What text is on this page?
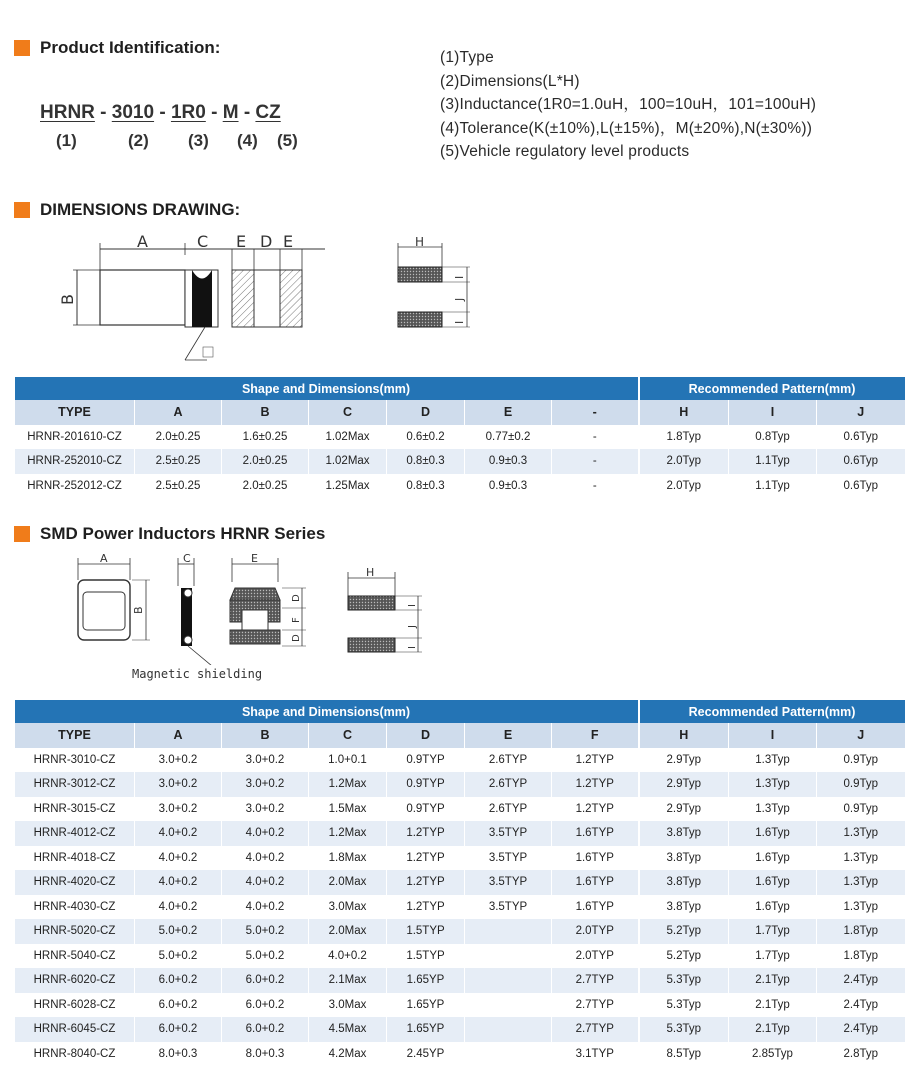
Product Identification:
HRNR - 3010 - 1R0 - M - CZ
(1)	(2) (3) (4) (5)
(1)Type
(2)Dimensions(L*H)
(3)Inductance(1R0=1.0uH，100=10uH，101=100uH)
(4)Tolerance(K(±10%),L(±15%)，M(±20%),N(±30%))
(5)Vehicle regulatory level products
DIMENSIONS DRAWING:
A	C E D E
B
H
I
J
I
Shape and Dimensions(mm)							Recommended Pattern(mm)		
TYPE	A	B	C	D	E	-	H	I	J
HRNR-201610-CZ	2.0±0.25	1.6±0.25	1.02Max	0.6±0.2	0.77±0.2	-	1.8Typ	0.8Typ	0.6Typ
HRNR-252010-CZ	2.5±0.25	2.0±0.25	1.02Max	0.8±0.3	0.9±0.3	-	2.0Typ	1.1Typ	0.6Typ
HRNR-252012-CZ	2.5±0.25	2.0±0.25	1.25Max	0.8±0.3	0.9±0.3	-	2.0Typ	1.1Typ	0.6Typ
SMD Power Inductors HRNR Series
A
B
C	E
D
F
D
H
I
J
I
Magnetic shielding
Shape and Dimensions(mm)							Recommended Pattern(mm)		
TYPE	A	B	C	D	E	F	H	I	J
HRNR-3010-CZ	3.0+0.2	3.0+0.2	1.0+0.1	0.9TYP	2.6TYP	1.2TYP	2.9Typ	1.3Typ	0.9Typ
HRNR-3012-CZ	3.0+0.2	3.0+0.2	1.2Max	0.9TYP	2.6TYP	1.2TYP	2.9Typ	1.3Typ	0.9Typ
HRNR-3015-CZ	3.0+0.2	3.0+0.2	1.5Max	0.9TYP	2.6TYP	1.2TYP	2.9Typ	1.3Typ	0.9Typ
HRNR-4012-CZ	4.0+0.2	4.0+0.2	1.2Max	1.2TYP	3.5TYP	1.6TYP	3.8Typ	1.6Typ	1.3Typ
HRNR-4018-CZ	4.0+0.2	4.0+0.2	1.8Max	1.2TYP	3.5TYP	1.6TYP	3.8Typ	1.6Typ	1.3Typ
HRNR-4020-CZ	4.0+0.2	4.0+0.2	2.0Max	1.2TYP	3.5TYP	1.6TYP	3.8Typ	1.6Typ	1.3Typ
HRNR-4030-CZ	4.0+0.2	4.0+0.2	3.0Max	1.2TYP	3.5TYP	1.6TYP	3.8Typ	1.6Typ	1.3Typ
HRNR-5020-CZ	5.0+0.2	5.0+0.2	2.0Max	1.5TYP		2.0TYP	5.2Typ	1.7Typ	1.8Typ
HRNR-5040-CZ	5.0+0.2	5.0+0.2	4.0+0.2	1.5TYP		2.0TYP	5.2Typ	1.7Typ	1.8Typ
HRNR-6020-CZ	6.0+0.2	6.0+0.2	2.1Max	1.65YP		2.7TYP	5.3Typ	2.1Typ	2.4Typ
HRNR-6028-CZ	6.0+0.2	6.0+0.2	3.0Max	1.65YP		2.7TYP	5.3Typ	2.1Typ	2.4Typ
HRNR-6045-CZ	6.0+0.2	6.0+0.2	4.5Max	1.65YP		2.7TYP	5.3Typ	2.1Typ	2.4Typ
HRNR-8040-CZ	8.0+0.3	8.0+0.3	4.2Max	2.45YP		3.1TYP	8.5Typ	2.85Typ	2.8Typ
